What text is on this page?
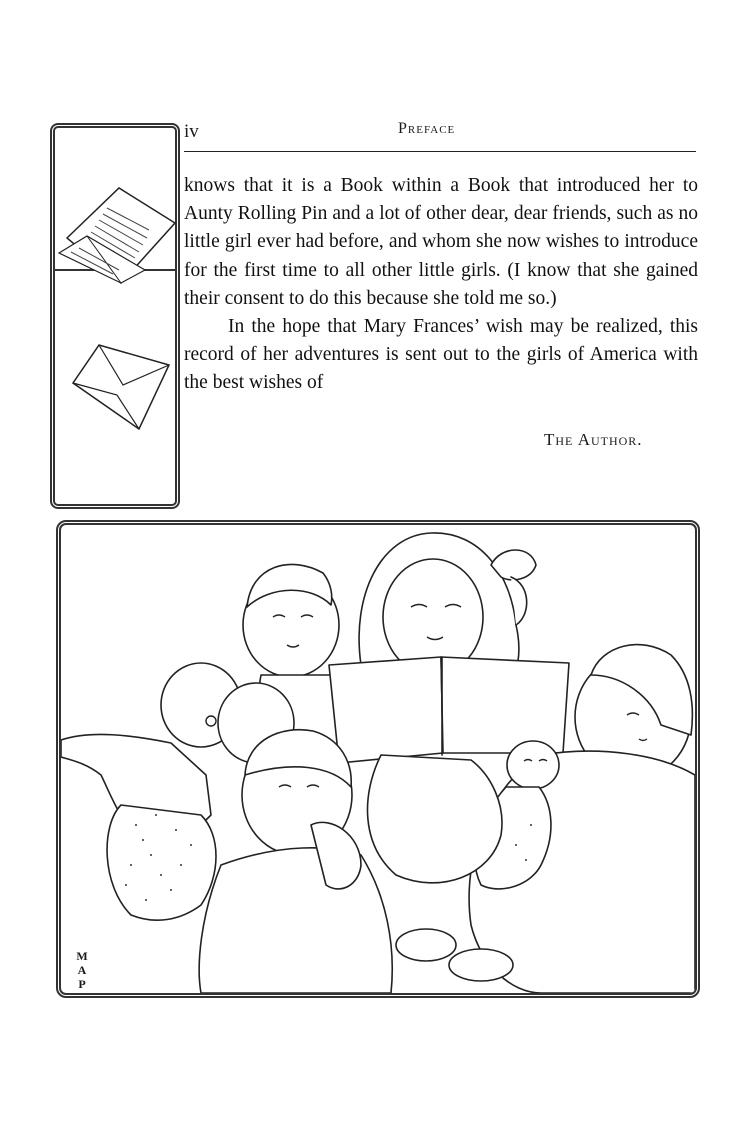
iv	Preface

knows that it is a Book within a Book that introduced her to Aunty Rolling Pin and a lot of other dear, dear friends, such as no little girl ever had before, and whom she now wishes to introduce for the first time to all other little girls. (I know that she gained their consent to do this because she told me so.)

In the hope that Mary Frances’ wish may be realized, this record of her adventures is sent out to the girls of America with the best wishes of

The Author.
M
A
P
